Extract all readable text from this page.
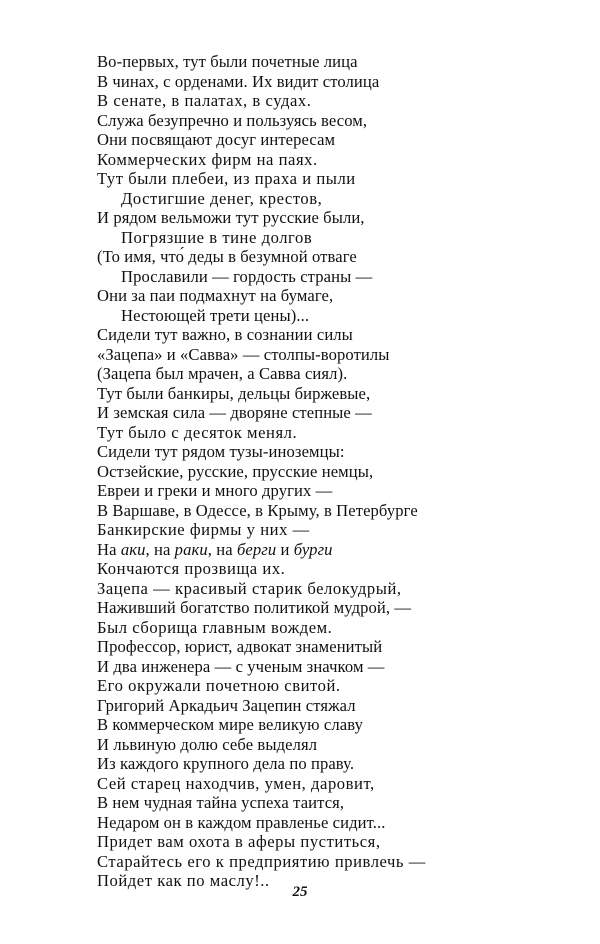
Во-первых, тут были почетные лица
В чинах, с орденами. Их видит столица
В сенате, в палатах, в судах.
Служа безупречно и пользуясь весом,
Они посвящают досуг интересам
Коммерческих фирм на паях.
Тут были плебеи, из праха и пыли
Достигшие денег, крестов,
И рядом вельможи тут русские были,
Погрязшие в тине долгов
(То имя, что́ деды в безумной отваге
Прославили — гордость страны —
Они за паи подмахнут на бумаге,
Нестоющей трети цены)...
Сидели тут важно, в сознании силы
«Зацепа» и «Савва» — столпы-воротилы
(Зацепа был мрачен, а Савва сиял).
Тут были банкиры, дельцы биржевые,
И земская сила — дворяне степные —
Тут было с десяток менял.
Сидели тут рядом тузы-иноземцы:
Остзейские, русские, прусские немцы,
Евреи и греки и много других —
В Варшаве, в Одессе, в Крыму, в Петербурге
Банкирские фирмы у них —
На аки, на раки, на берги и бурги
Кончаются прозвища их.
Зацепа — красивый старик белокудрый,
Наживший богатство политикой мудрой, —
Был сборища главным вождем.
Профессор, юрист, адвокат знаменитый
И два инженера — с ученым значком —
Его окружали почетною свитой.
Григорий Аркадьич Зацепин стяжал
В коммерческом мире великую славу
И львиную долю себе выделял
Из каждого крупного дела по праву.
Сей старец находчив, умен, даровит,
В нем чудная тайна успеха таится,
Недаром он в каждом правленье сидит...
Придет вам охота в аферы пуститься,
Старайтесь его к предприятию привлечь —
Пойдет как по маслу!..
25
